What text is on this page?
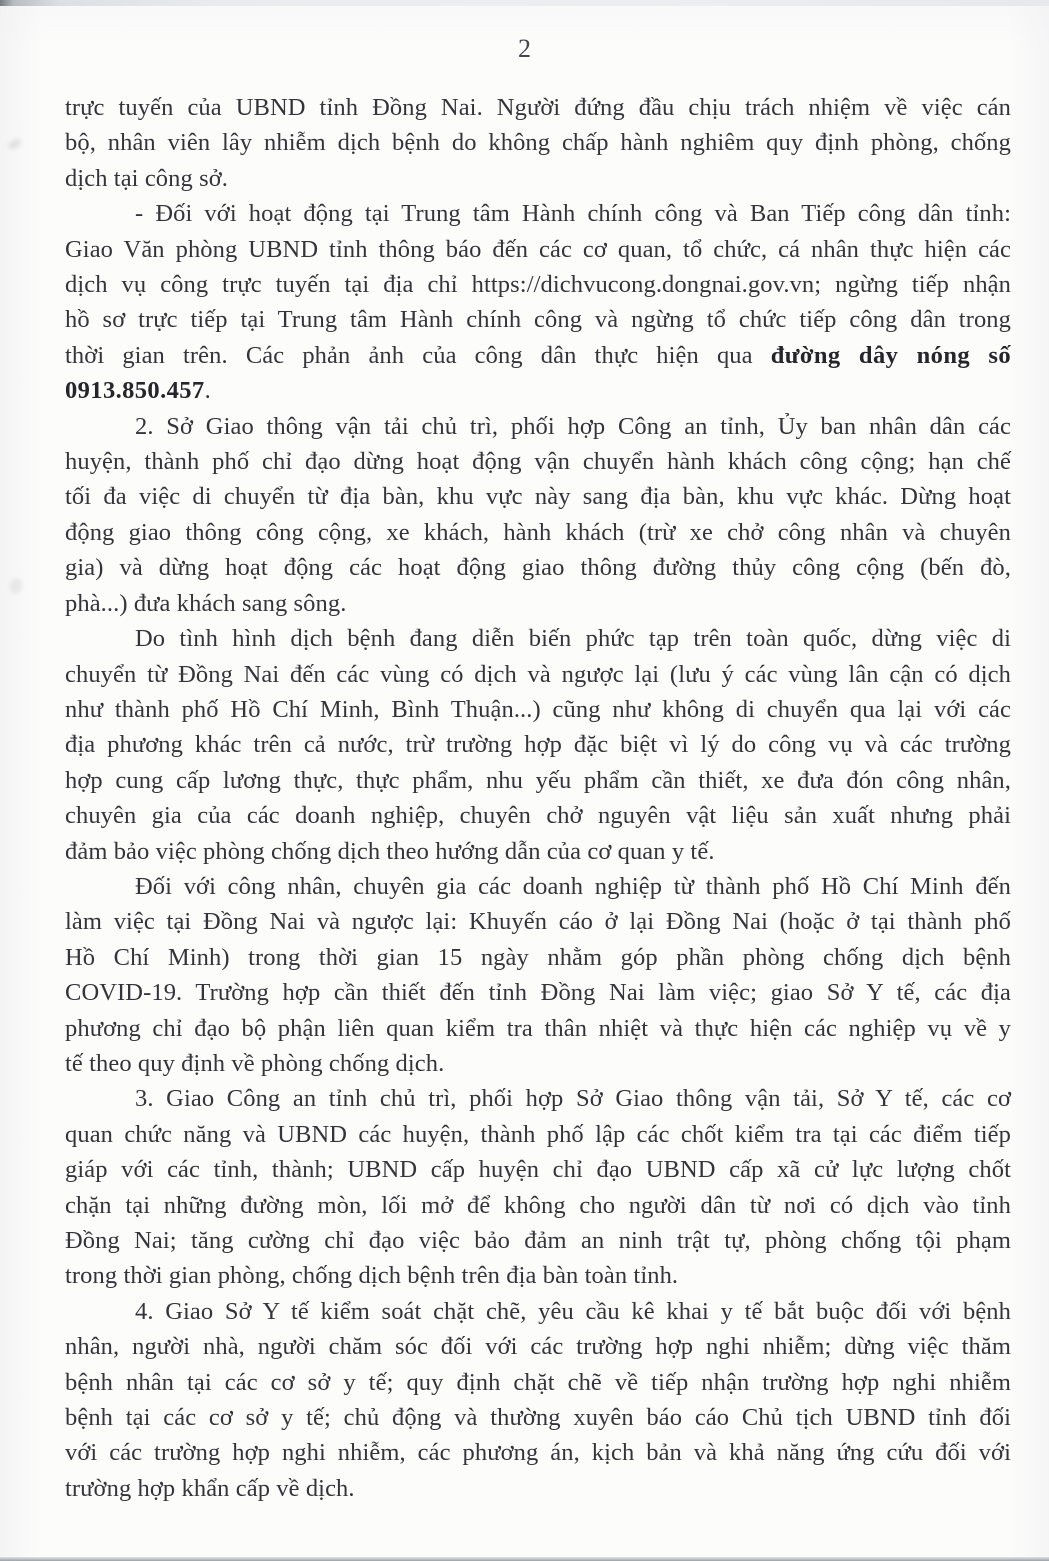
2
trực tuyến của UBND tỉnh Đồng Nai. Người đứng đầu chịu trách nhiệm về việc cán
bộ, nhân viên lây nhiễm dịch bệnh do không chấp hành nghiêm quy định phòng, chống
dịch tại công sở.
- Đối với hoạt động tại Trung tâm Hành chính công và Ban Tiếp công dân tỉnh:
Giao Văn phòng UBND tỉnh thông báo đến các cơ quan, tổ chức, cá nhân thực hiện các
dịch vụ công trực tuyến tại địa chỉ https://dichvucong.dongnai.gov.vn; ngừng tiếp nhận
hồ sơ trực tiếp tại Trung tâm Hành chính công và ngừng tổ chức tiếp công dân trong
thời gian trên. Các phản ảnh của công dân thực hiện qua đường dây nóng số
0913.850.457.
2. Sở Giao thông vận tải chủ trì, phối hợp Công an tỉnh, Ủy ban nhân dân các
huyện, thành phố chỉ đạo dừng hoạt động vận chuyển hành khách công cộng; hạn chế
tối đa việc di chuyển từ địa bàn, khu vực này sang địa bàn, khu vực khác. Dừng hoạt
động giao thông công cộng, xe khách, hành khách (trừ xe chở công nhân và chuyên
gia) và dừng hoạt động các hoạt động giao thông đường thủy công cộng (bến đò,
phà...) đưa khách sang sông.
Do tình hình dịch bệnh đang diễn biến phức tạp trên toàn quốc, dừng việc di
chuyển từ Đồng Nai đến các vùng có dịch và ngược lại (lưu ý các vùng lân cận có dịch
như thành phố Hồ Chí Minh, Bình Thuận...) cũng như không di chuyển qua lại với các
địa phương khác trên cả nước, trừ trường hợp đặc biệt vì lý do công vụ và các trường
hợp cung cấp lương thực, thực phẩm, nhu yếu phẩm cần thiết, xe đưa đón công nhân,
chuyên gia của các doanh nghiệp, chuyên chở nguyên vật liệu sản xuất nhưng phải
đảm bảo việc phòng chống dịch theo hướng dẫn của cơ quan y tế.
Đối với công nhân, chuyên gia các doanh nghiệp từ thành phố Hồ Chí Minh đến
làm việc tại Đồng Nai và ngược lại: Khuyến cáo ở lại Đồng Nai (hoặc ở tại thành phố
Hồ Chí Minh) trong thời gian 15 ngày nhằm góp phần phòng chống dịch bệnh
COVID-19. Trường hợp cần thiết đến tỉnh Đồng Nai làm việc; giao Sở Y tế, các địa
phương chỉ đạo bộ phận liên quan kiểm tra thân nhiệt và thực hiện các nghiệp vụ về y
tế theo quy định về phòng chống dịch.
3. Giao Công an tỉnh chủ trì, phối hợp Sở Giao thông vận tải, Sở Y tế, các cơ
quan chức năng và UBND các huyện, thành phố lập các chốt kiểm tra tại các điểm tiếp
giáp với các tỉnh, thành; UBND cấp huyện chỉ đạo UBND cấp xã cử lực lượng chốt
chặn tại những đường mòn, lối mở để không cho người dân từ nơi có dịch vào tỉnh
Đồng Nai; tăng cường chỉ đạo việc bảo đảm an ninh trật tự, phòng chống tội phạm
trong thời gian phòng, chống dịch bệnh trên địa bàn toàn tỉnh.
4. Giao Sở Y tế kiểm soát chặt chẽ, yêu cầu kê khai y tế bắt buộc đối với bệnh
nhân, người nhà, người chăm sóc đối với các trường hợp nghi nhiễm; dừng việc thăm
bệnh nhân tại các cơ sở y tế; quy định chặt chẽ về tiếp nhận trường hợp nghi nhiễm
bệnh tại các cơ sở y tế; chủ động và thường xuyên báo cáo Chủ tịch UBND tỉnh đối
với các trường hợp nghi nhiễm, các phương án, kịch bản và khả năng ứng cứu đối với
trường hợp khẩn cấp về dịch.
